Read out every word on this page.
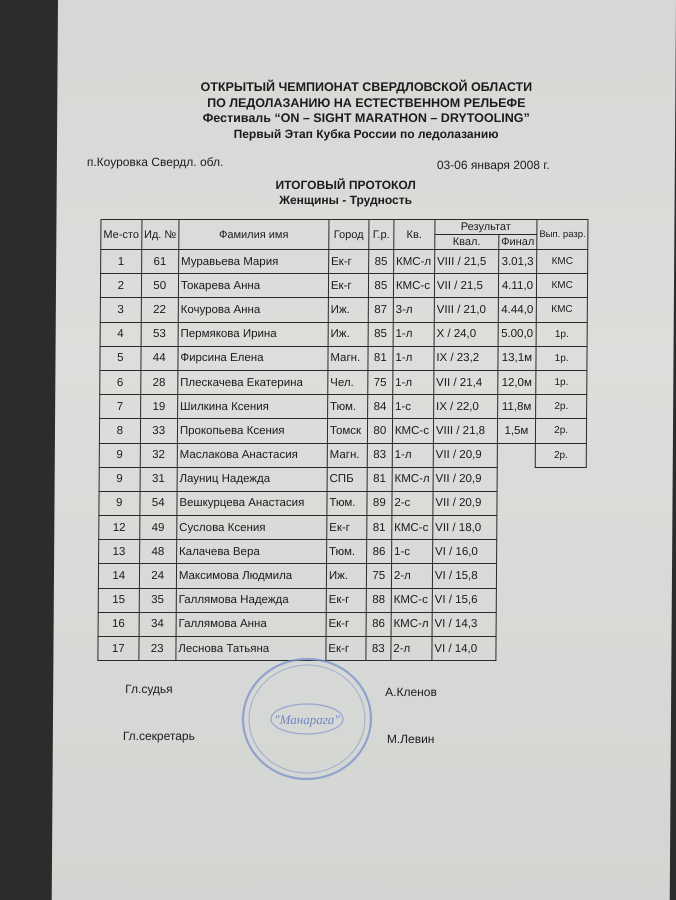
ОТКРЫТЫЙ ЧЕМПИОНАТ СВЕРДЛОВСКОЙ ОБЛАСТИ
ПО ЛЕДОЛАЗАНИЮ НА ЕСТЕСТВЕННОМ РЕЛЬЕФЕ
Фестиваль “ON – SIGHT MARATHON – DRYTOOLING”
Первый Этап Кубка России по ледолазанию
п.Коуровка Свердл. обл.	03-06 января 2008 г.
ИТОГОВЫЙ ПРОТОКОЛ
Женщины - Трудность
Ме-сто	Ид. №	Фамилия имя	Город	Г.р.	Кв.	Результат		Вып. разр.
						Квал.	Финал	
1	61	Муравьева Мария	Ек-г	85	КМС-л	VIII / 21,5	3.01,3	КМС
2	50	Токарева Анна	Ек-г	85	КМС-с	VII / 21,5	4.11,0	КМС
3	22	Кочурова Анна	Иж.	87	3-л	VIII / 21,0	4.44,0	КМС
4	53	Пермякова Ирина	Иж.	85	1-л	X / 24,0	5.00,0	1р.
5	44	Фирсина Елена	Магн.	81	1-л	IX / 23,2	13,1м	1р.
6	28	Плескачева Екатерина	Чел.	75	1-л	VII / 21,4	12,0м	1р.
7	19	Шилкина Ксения	Тюм.	84	1-с	IX / 22,0	11,8м	2р.
8	33	Прокопьева Ксения	Томск	80	КМС-с	VIII / 21,8	1,5м	2р.
9	32	Маслакова Анастасия	Магн.	83	1-л	VII / 20,9		2р.
9	31	Лауниц Надежда	СПБ	81	КМС-л	VII / 20,9		
9	54	Вешкурцева Анастасия	Тюм.	89	2-с	VII / 20,9		
12	49	Суслова Ксения	Ек-г	81	КМС-с	VII / 18,0		
13	48	Калачева Вера	Тюм.	86	1-с	VI / 16,0		
14	24	Максимова Людмила	Иж.	75	2-л	VI / 15,8		
15	35	Галлямова Надежда	Ек-г	88	КМС-с	VI / 15,6		
16	34	Галлямова Анна	Ек-г	86	КМС-л	VI / 14,3		
17	23	Леснова Татьяна	Ек-г	83	2-л	VI / 14,0		
Гл.судья	А.Кленов
Гл.секретарь	М.Левин
"Манарага"
